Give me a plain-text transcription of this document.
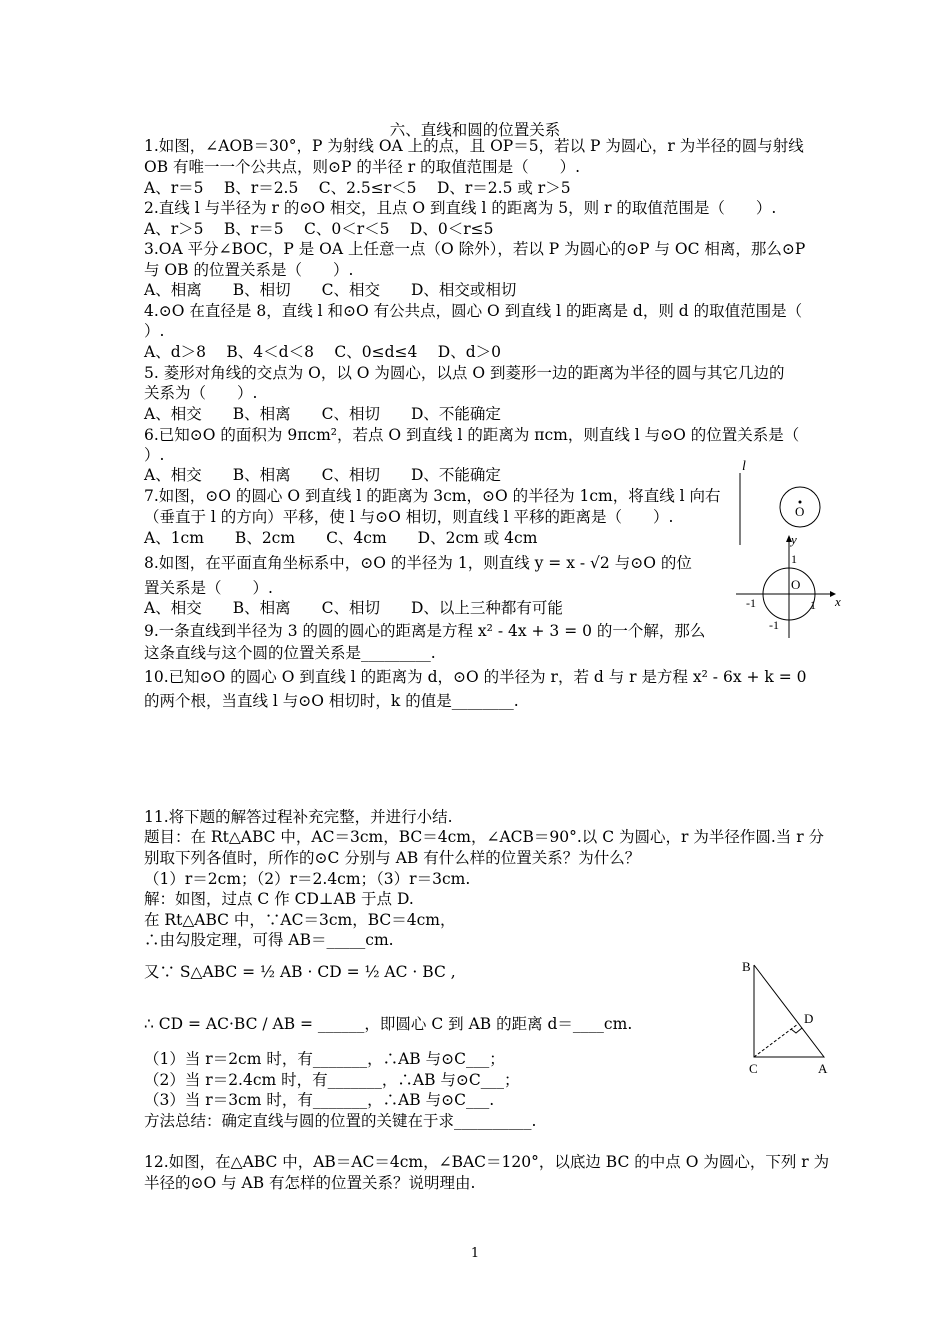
六、直线和圆的位置关系
1.如图，∠AOB＝30°，P 为射线 OA 上的点，且 OP＝5，若以 P 为圆心，r 为半径的圆与射线
OB 有唯一一个公共点，则⊙P 的半径 r 的取值范围是（　　）.
A、r＝5　 B、r＝2.5　 C、2.5≤r＜5　 D、r＝2.5 或 r＞5
2.直线 l 与半径为 r 的⊙O 相交，且点 O 到直线 l 的距离为 5，则 r 的取值范围是（　　）.
A、r＞5　 B、r＝5　 C、0＜r＜5　 D、0＜r≤5
3.OA 平分∠BOC，P 是 OA 上任意一点（O 除外），若以 P 为圆心的⊙P 与 OC 相离，那么⊙P
与 OB 的位置关系是（　　）.
A、相离　　B、相切　　C、相交　　D、相交或相切
4.⊙O 在直径是 8，直线 l 和⊙O 有公共点，圆心 O 到直线 l 的距离是 d，则 d 的取值范围是（
）.
A、d＞8　 B、4＜d＜8　 C、0≤d≤4　 D、d＞0
5. 菱形对角线的交点为 O，以 O 为圆心，以点 O 到菱形一边的距离为半径的圆与其它几边的
关系为（　　）.
A、相交　　B、相离　　C、相切　　D、不能确定
6.已知⊙O 的面积为 9πcm²，若点 O 到直线 l 的距离为 πcm，则直线 l 与⊙O 的位置关系是（
）.
A、相交　　B、相离　　C、相切　　D、不能确定
7.如图，⊙O 的圆心 O 到直线 l 的距离为 3cm，⊙O 的半径为 1cm，将直线 l 向右
（垂直于 l 的方向）平移，使 l 与⊙O 相切，则直线 l 平移的距离是（　　）.
A、1cm　　B、2cm　　C、4cm　　D、2cm 或 4cm
8.如图，在平面直角坐标系中，⊙O 的半径为 1，则直线 y = x - √2 与⊙O 的位
置关系是（　　）.
A、相交　　B、相离　　C、相切　　D、以上三种都有可能
9.一条直线到半径为 3 的圆的圆心的距离是方程 x² - 4x + 3 = 0 的一个解，那么
这条直线与这个圆的位置关系是_________.
10.已知⊙O 的圆心 O 到直线 l 的距离为 d，⊙O 的半径为 r，若 d 与 r 是方程 x² - 6x + k = 0
的两个根，当直线 l 与⊙O 相切时，k 的值是________.
11.将下题的解答过程补充完整，并进行小结.
题目：在 Rt△ABC 中，AC＝3cm，BC＝4cm，∠ACB＝90°.以 C 为圆心，r 为半径作圆.当 r 分
别取下列各值时，所作的⊙C 分别与 AB 有什么样的位置关系？为什么？
（1）r＝2cm；（2）r＝2.4cm；（3）r＝3cm.
解：如图，过点 C 作 CD⊥AB 于点 D.
在 Rt△ABC 中，∵AC＝3cm，BC＝4cm，
∴由勾股定理，可得 AB＝_____cm.
又∵ S△ABC = ½ AB · CD = ½ AC · BC ,
∴ CD = AC·BC / AB = ______，即圆心 C 到 AB 的距离 d＝____cm.
（1）当 r＝2cm 时，有_______，∴AB 与⊙C___；
（2）当 r＝2.4cm 时，有_______，∴AB 与⊙C___；
（3）当 r＝3cm 时，有_______，∴AB 与⊙C___.
方法总结：确定直线与圆的位置的关键在于求__________.
12.如图，在△ABC 中，AB＝AC＝4cm，∠BAC＝120°，以底边 BC 的中点 O 为圆心，下列 r 为
半径的⊙O 与 AB 有怎样的位置关系？说明理由.
l
O
x
y
O
1
1
-1
-1
B
C	A
D
1
